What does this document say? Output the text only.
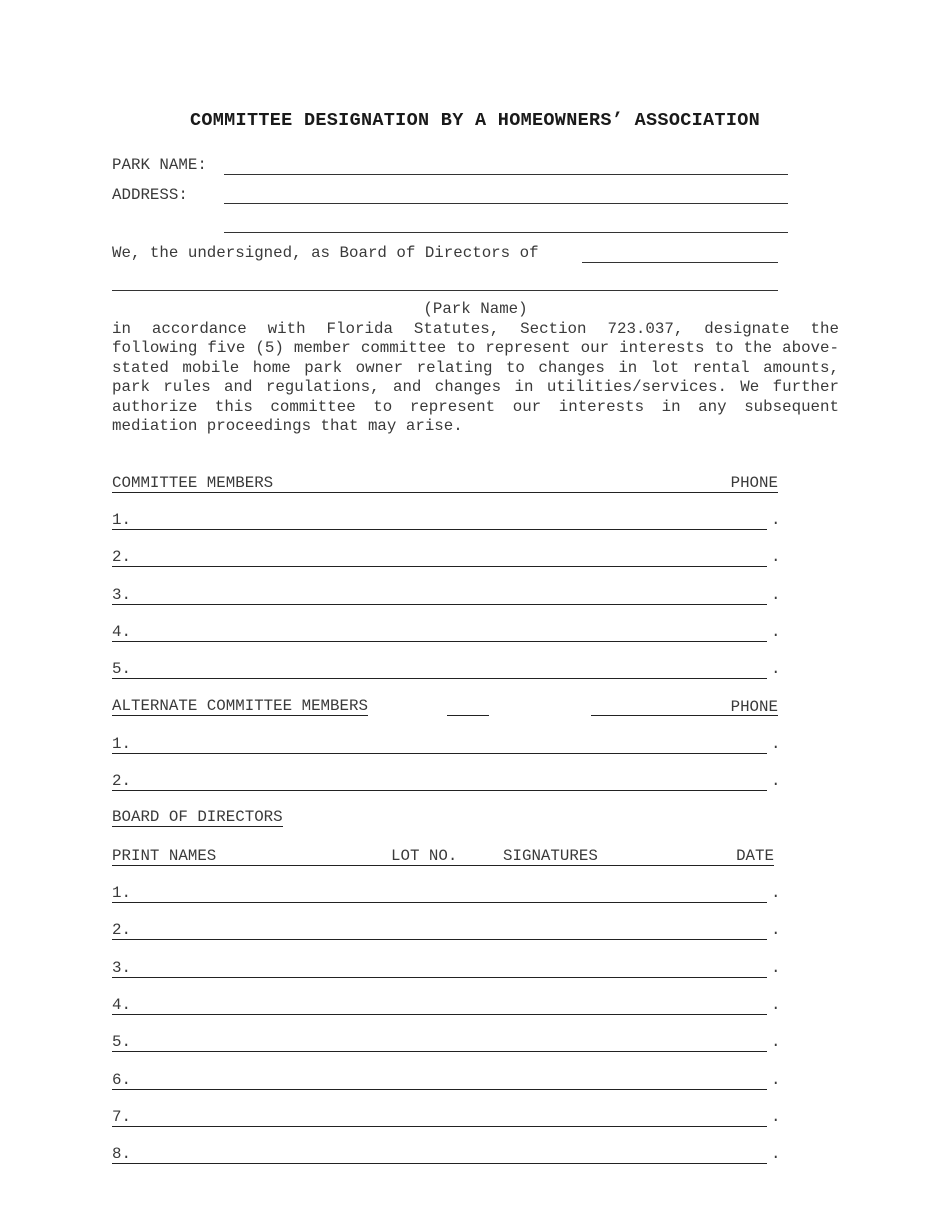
COMMITTEE DESIGNATION BY A HOMEOWNERS’ ASSOCIATION
PARK NAME:
ADDRESS:
We, the undersigned, as Board of Directors of
(Park Name)
in accordance with Florida Statutes, Section 723.037, designate the following five (5) member committee to represent our interests to the above-stated mobile home park owner relating to changes in lot rental amounts, park rules and regulations, and changes in utilities/services. We further authorize this committee to represent our interests in any subsequent mediation proceedings that may arise.
COMMITTEE MEMBERS	PHONE
1.	.
2.	.
3.	.
4.	.
5.	.
ALTERNATE COMMITTEE MEMBERS	PHONE
1.	.
2.	.
BOARD OF DIRECTORS
PRINT NAMES	LOT NO.	SIGNATURES	DATE
1.	.
2.	.
3.	.
4.	.
5.	.
6.	.
7.	.
8.	.
